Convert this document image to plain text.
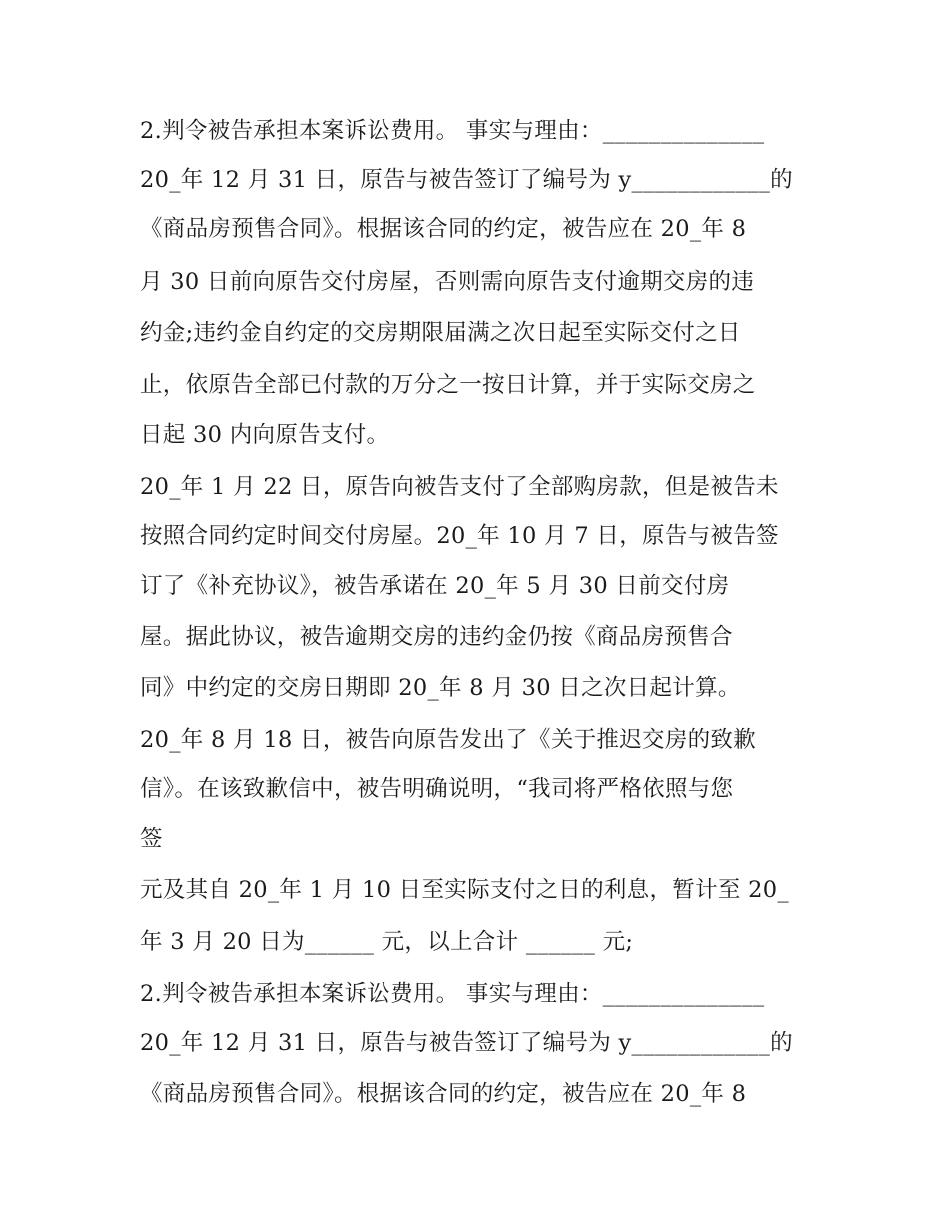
2.判令被告承担本案诉讼费用。 事实与理由：______________
20_年 12 月 31 日，原告与被告签订了编号为 y____________的
《商品房预售合同》。根据该合同的约定，被告应在 20_年 8
月 30 日前向原告交付房屋，否则需向原告支付逾期交房的违
约金;违约金自约定的交房期限届满之次日起至实际交付之日
止，依原告全部已付款的万分之一按日计算，并于实际交房之
日起 30 内向原告支付。
20_年 1 月 22 日，原告向被告支付了全部购房款，但是被告未
按照合同约定时间交付房屋。20_年 10 月 7 日，原告与被告签
订了《补充协议》，被告承诺在 20_年 5 月 30 日前交付房
屋。据此协议，被告逾期交房的违约金仍按《商品房预售合
同》中约定的交房日期即 20_年 8 月 30 日之次日起计算。
20_年 8 月 18 日，被告向原告发出了《关于推迟交房的致歉
信》。在该致歉信中，被告明确说明，“我司将严格依照与您
签
元及其自 20_年 1 月 10 日至实际支付之日的利息，暂计至 20_
年 3 月 20 日为______ 元，以上合计 ______ 元;
2.判令被告承担本案诉讼费用。 事实与理由：______________
20_年 12 月 31 日，原告与被告签订了编号为 y____________的
《商品房预售合同》。根据该合同的约定，被告应在 20_年 8
